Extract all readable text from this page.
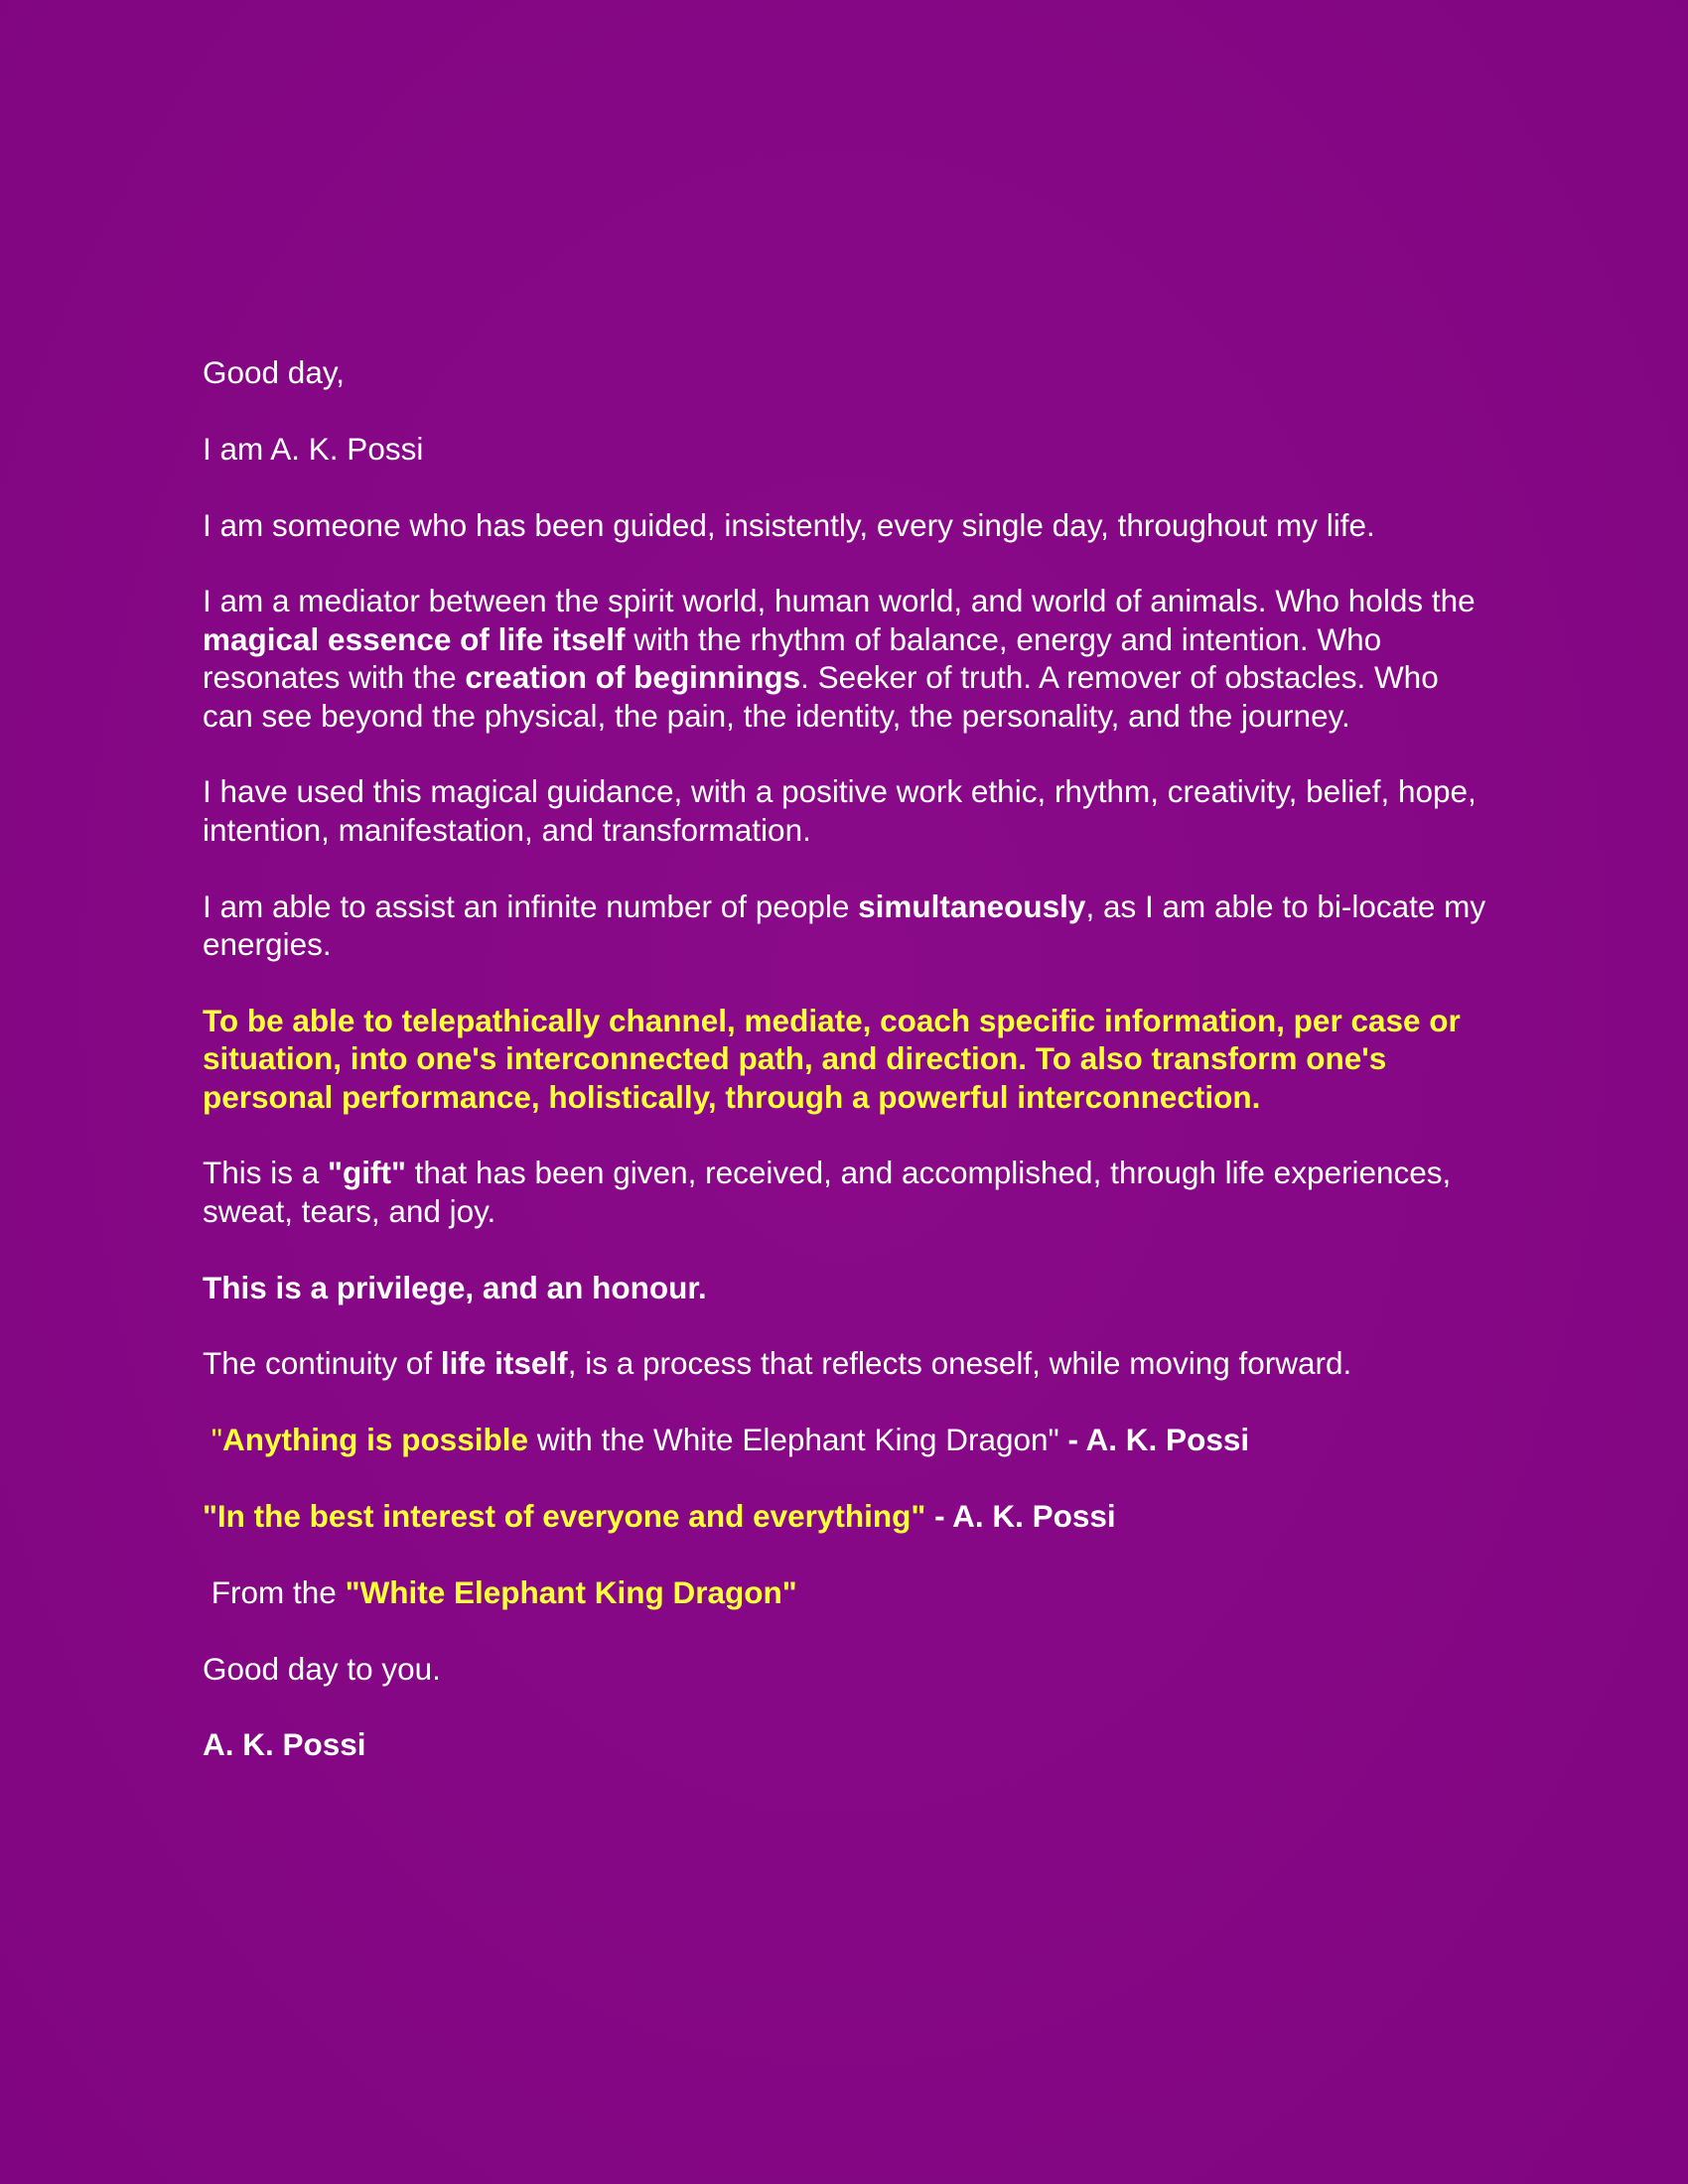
Good day,

I am A. K. Possi

I am someone who has been guided, insistently, every single day, throughout my life.

I am a mediator between the spirit world, human world, and world of animals. Who holds the magical essence of life itself with the rhythm of balance, energy and intention. Who resonates with the creation of beginnings. Seeker of truth. A remover of obstacles. Who can see beyond the physical, the pain, the identity, the personality, and the journey.

I have used this magical guidance, with a positive work ethic, rhythm, creativity, belief, hope, intention, manifestation, and transformation.

I am able to assist an infinite number of people simultaneously, as I am able to bi-locate my energies.

To be able to telepathically channel, mediate, coach specific information, per case or situation, into one's interconnected path, and direction. To also transform one's personal performance, holistically, through a powerful interconnection.

This is a "gift" that has been given, received, and accomplished, through life experiences, sweat, tears, and joy.

This is a privilege, and an honour.

The continuity of life itself, is a process that reflects oneself, while moving forward.

"Anything is possible with the White Elephant King Dragon" - A. K. Possi

"In the best interest of everyone and everything" - A. K. Possi

From the "White Elephant King Dragon"

Good day to you.

A. K. Possi
